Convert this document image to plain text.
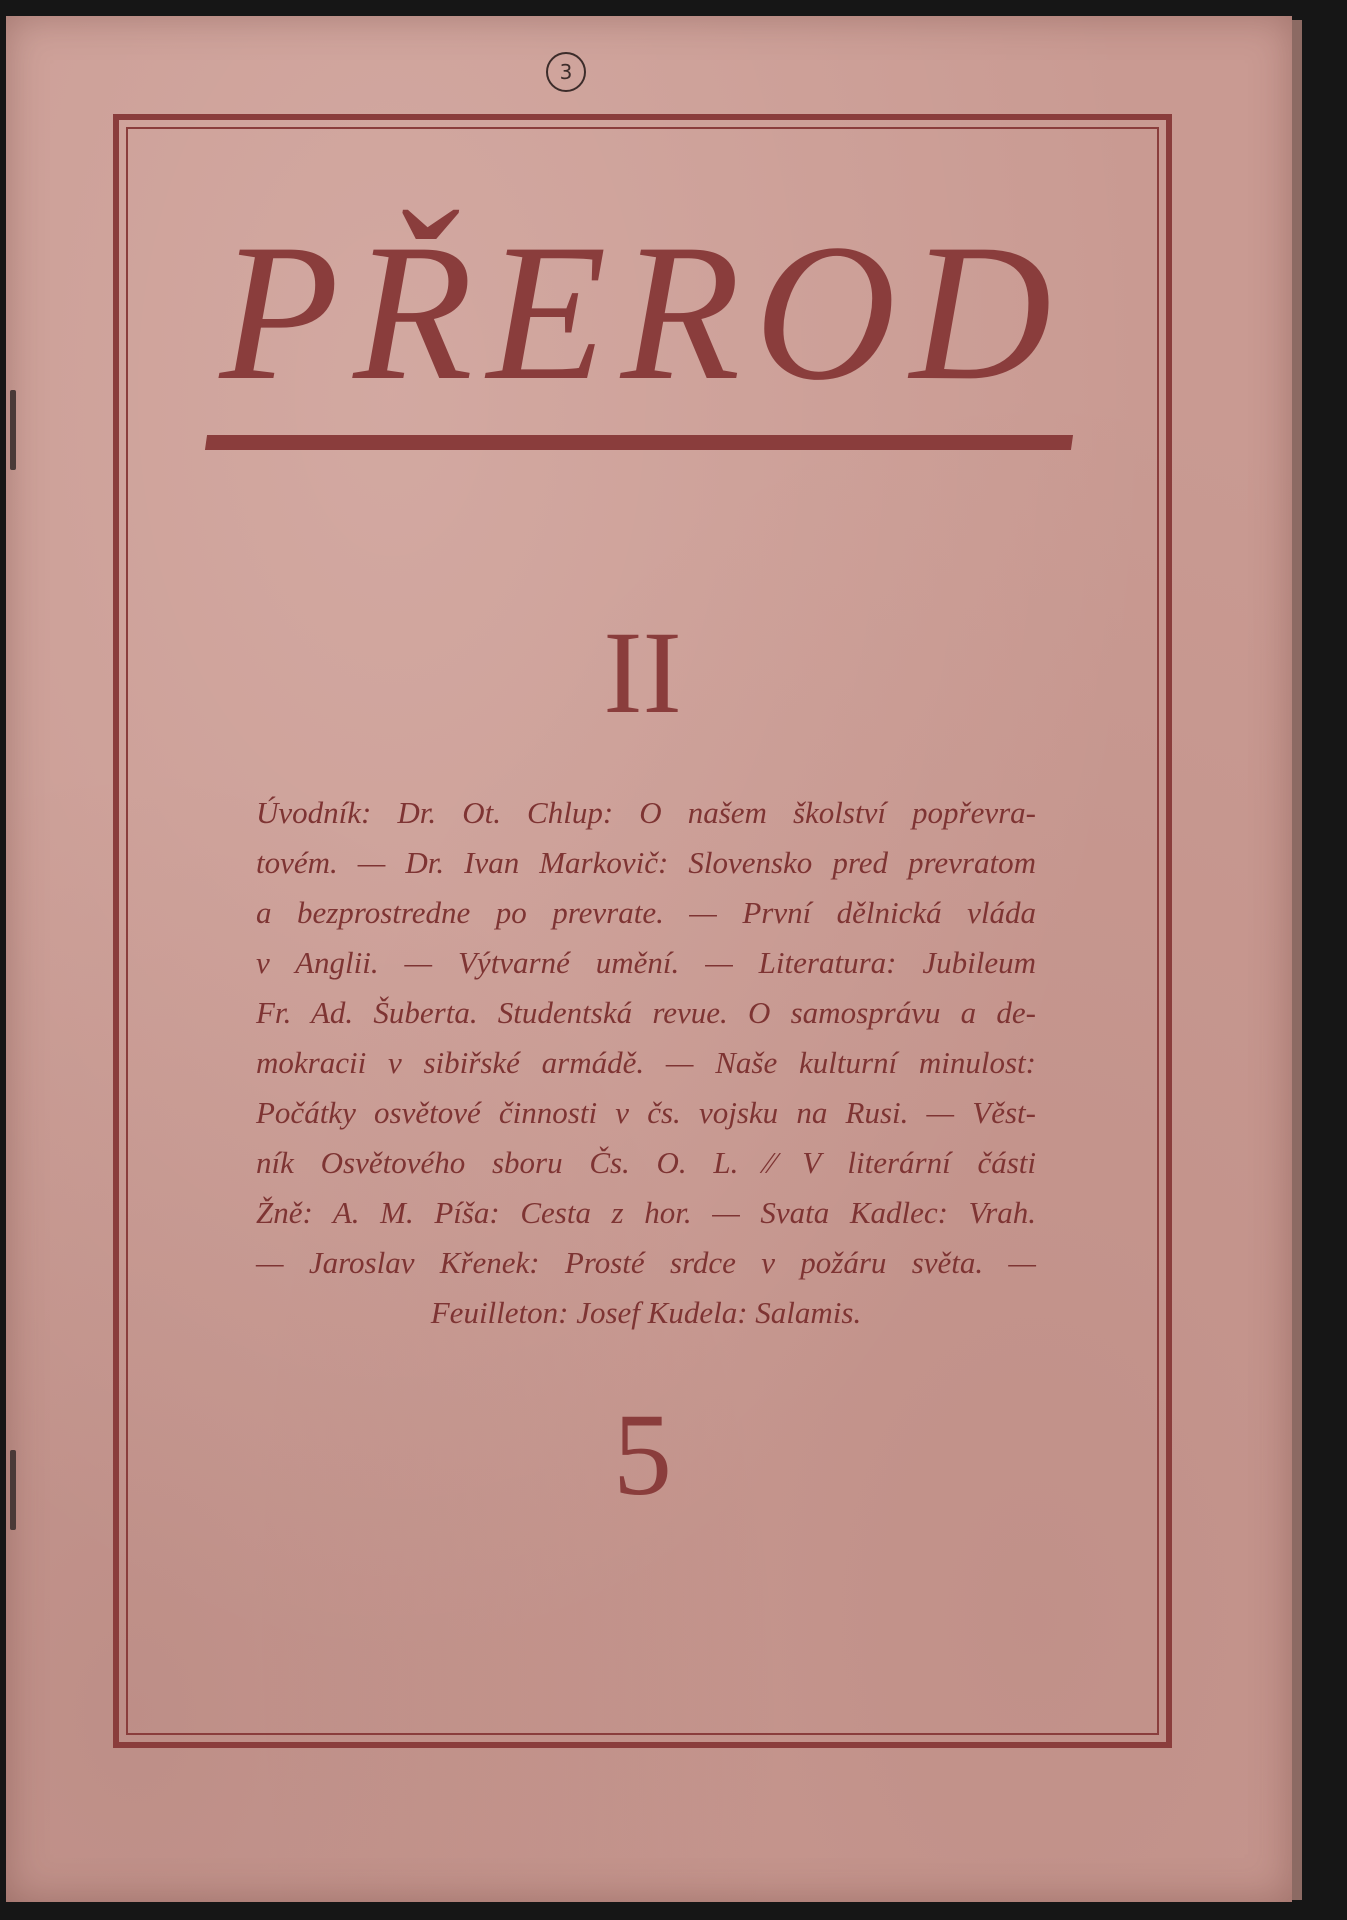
3
PŘEROD
II
Úvodník: Dr. Ot. Chlup: O našem školství popřevra-
tovém. — Dr. Ivan Markovič: Slovensko pred prevratom
a bezprostredne po prevrate. — První dělnická vláda
v Anglii. — Výtvarné umění. — Literatura: Jubileum
Fr. Ad. Šuberta. Studentská revue. O samosprávu a de-
mokracii v sibiřské armádě. — Naše kulturní minulost:
Počátky osvětové činnosti v čs. vojsku na Rusi. — Věst-
ník Osvětového sboru Čs. O. L. ⁄⁄ V literární části
Žně: A. M. Píša: Cesta z hor. — Svata Kadlec: Vrah.
— Jaroslav Křenek: Prosté srdce v požáru světa. —
Feuilleton: Josef Kudela: Salamis.
5
